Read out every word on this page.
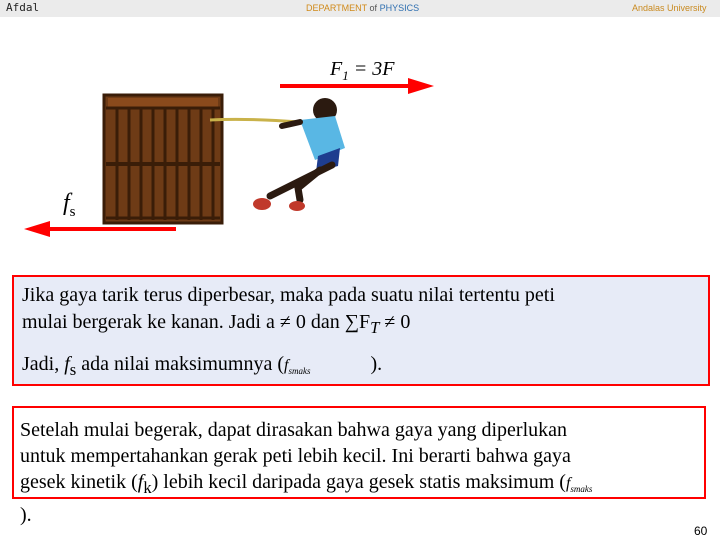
Afdal	DEPARTMENT of PHYSICS	Andalas University
$F_1 = 3F$
$f_s$
Jika gaya tarik terus diperbesar, maka pada suatu nilai tertentu peti
mulai bergerak ke kanan. Jadi a ≠ 0 dan $\sum F_T \ne 0$
Jadi, $f_s$ ada nilai maksimumnya ($f_{smaks}$	).
Setelah mulai begerak, dapat dirasakan bahwa gaya yang diperlukan
untuk mempertahankan gerak peti lebih kecil. Ini berarti bahwa gaya
gesek kinetik $(f_k)$ lebih kecil daripada gaya gesek statis maksimum ($f_{smaks}$
).
60
